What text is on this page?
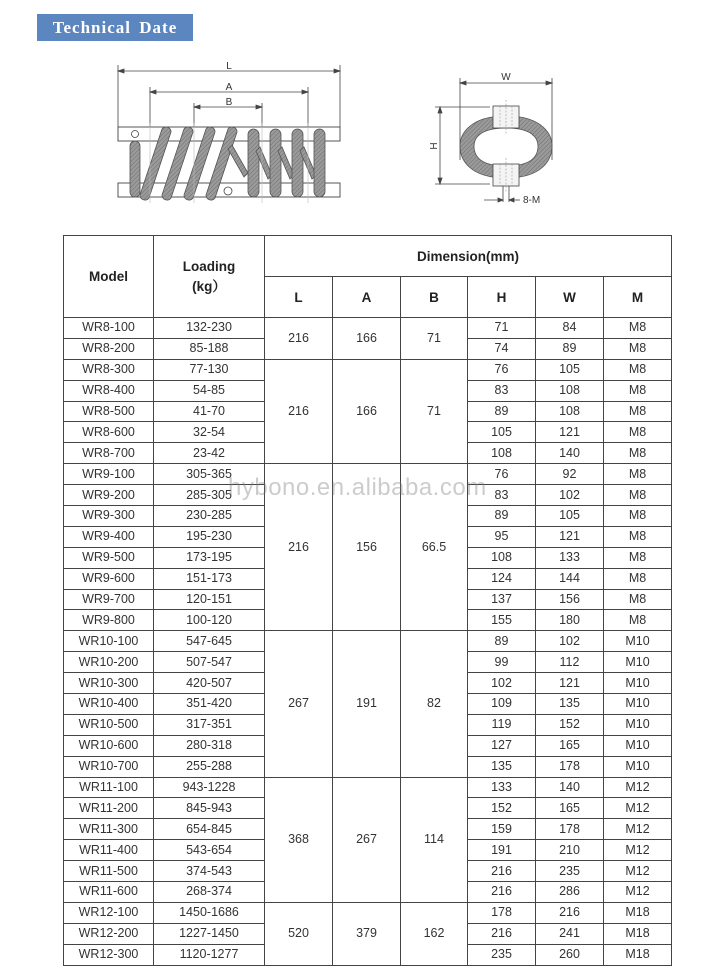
Technical Date
L
A
B
W
H
8-M
Model	Loading
(kg）	Dimension(mm)					
		L	A	B	H	W	M
WR8-100	132-230	216	166	71	71	84	M8
WR8-200	85-188				74	89	M8
WR8-300	77-130	216	166	71	76	105	M8
WR8-400	54-85				83	108	M8
WR8-500	41-70				89	108	M8
WR8-600	32-54				105	121	M8
WR8-700	23-42				108	140	M8
WR9-100	305-365	216	156	66.5	76	92	M8
WR9-200	285-305				83	102	M8
WR9-300	230-285				89	105	M8
WR9-400	195-230				95	121	M8
WR9-500	173-195				108	133	M8
WR9-600	151-173				124	144	M8
WR9-700	120-151				137	156	M8
WR9-800	100-120				155	180	M8
WR10-100	547-645	267	191	82	89	102	M10
WR10-200	507-547				99	112	M10
WR10-300	420-507				102	121	M10
WR10-400	351-420				109	135	M10
WR10-500	317-351				119	152	M10
WR10-600	280-318				127	165	M10
WR10-700	255-288				135	178	M10
WR11-100	943-1228	368	267	114	133	140	M12
WR11-200	845-943				152	165	M12
WR11-300	654-845				159	178	M12
WR11-400	543-654				191	210	M12
WR11-500	374-543				216	235	M12
WR11-600	268-374				216	286	M12
WR12-100	1450-1686	520	379	162	178	216	M18
WR12-200	1227-1450				216	241	M18
WR12-300	1120-1277				235	260	M18
hybono.en.alibaba.com
